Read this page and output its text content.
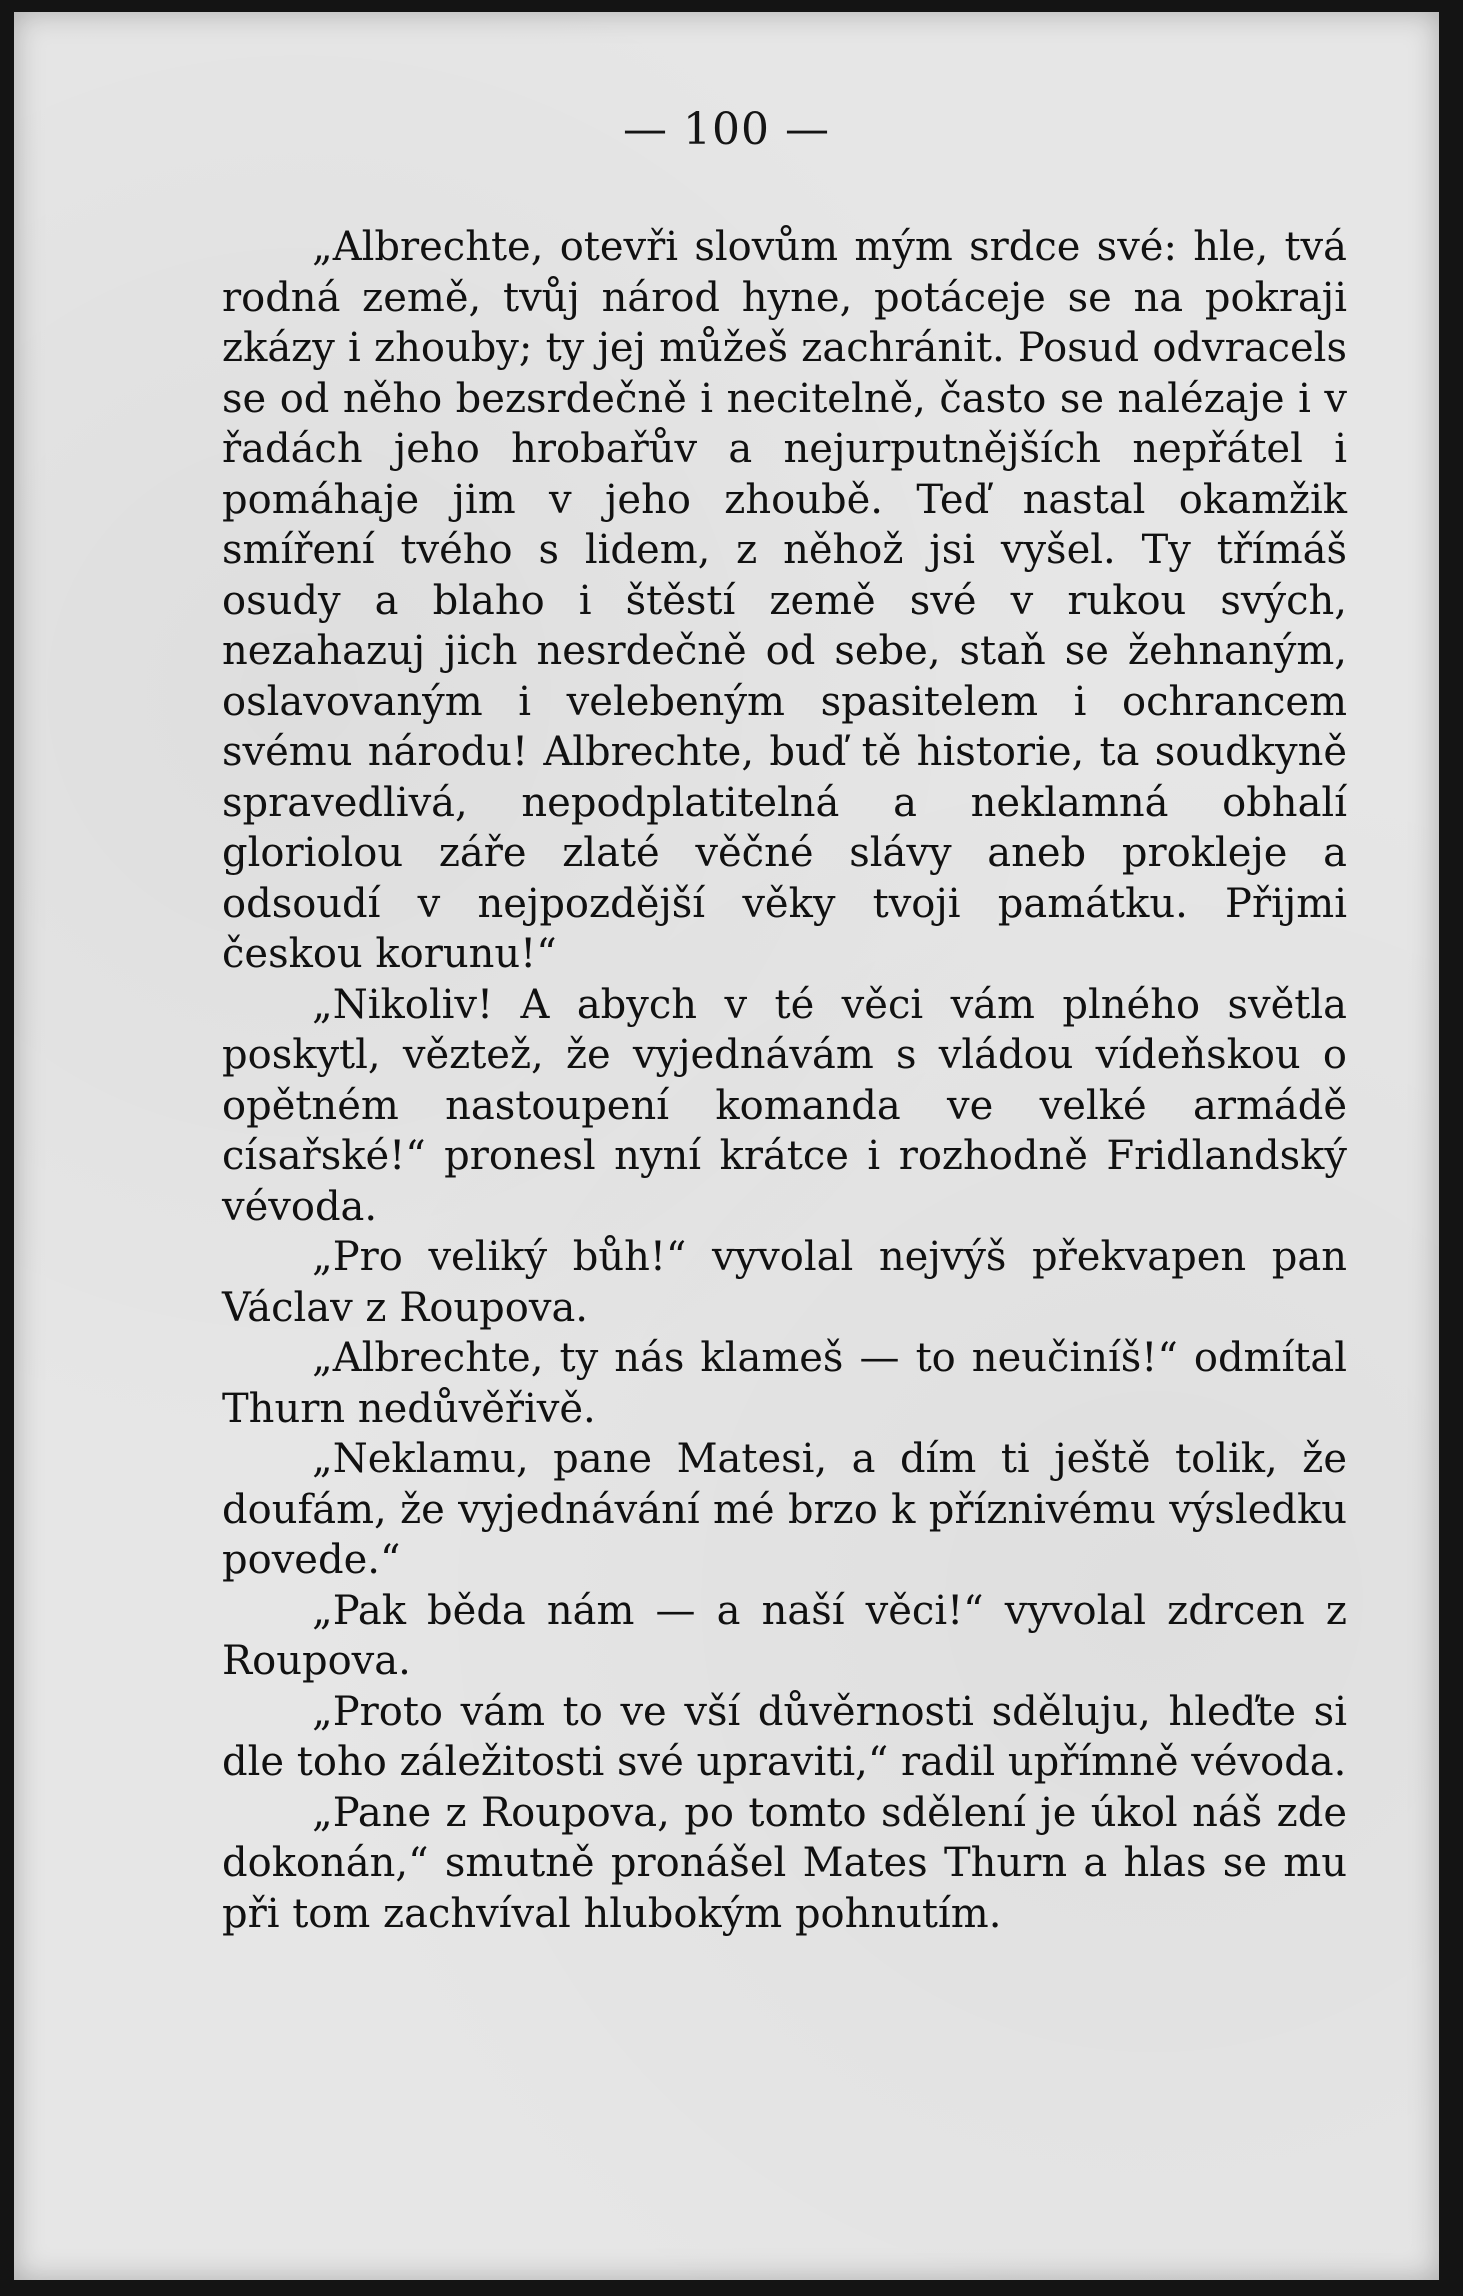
— 100 —

„Albrechte, otevři slovům mým srdce své: hle, tvá rodná země, tvůj národ hyne, potáceje se na pokraji zkázy i zhouby; ty jej můžeš zachránit. Posud odvracels se od něho bezsrdečně i necitelně, často se nalézaje i v řadách jeho hrobařův a nejurputnějších nepřátel i pomáhaje jim v jeho zhoubě. Teď nastal okamžik smíření tvého s lidem, z něhož jsi vyšel. Ty třímáš osudy a blaho i štěstí země své v rukou svých, nezahazuj jich nesrdečně od sebe, staň se žehnaným, oslavovaným i velebeným spasitelem i ochrancem svému národu! Albrechte, buď tě historie, ta soudkyně spravedlivá, nepodplatitelná a neklamná obhalí gloriolou záře zlaté věčné slávy aneb prokleje a odsoudí v nejpozdější věky tvoji památku. Přijmi českou korunu!“

„Nikoliv! A abych v té věci vám plného světla poskytl, věztež, že vyjednávám s vládou vídeňskou o opětném nastoupení komanda ve velké armádě císařské!“ pronesl nyní krátce i rozhodně Fridlandský vévoda.

„Pro veliký bůh!“ vyvolal nejvýš překvapen pan Václav z Roupova.

„Albrechte, ty nás klameš — to neučiníš!“ odmítal Thurn nedůvěřivě.

„Neklamu, pane Matesi, a dím ti ještě tolik, že doufám, že vyjednávání mé brzo k příznivému výsledku povede.“

„Pak běda nám — a naší věci!“ vyvolal zdrcen z Roupova.

„Proto vám to ve vší důvěrnosti sděluju, hleďte si dle toho záležitosti své upraviti,“ radil upřímně vévoda.

„Pane z Roupova, po tomto sdělení je úkol náš zde dokonán,“ smutně pronášel Mates Thurn a hlas se mu při tom zachvíval hlubokým pohnutím.
